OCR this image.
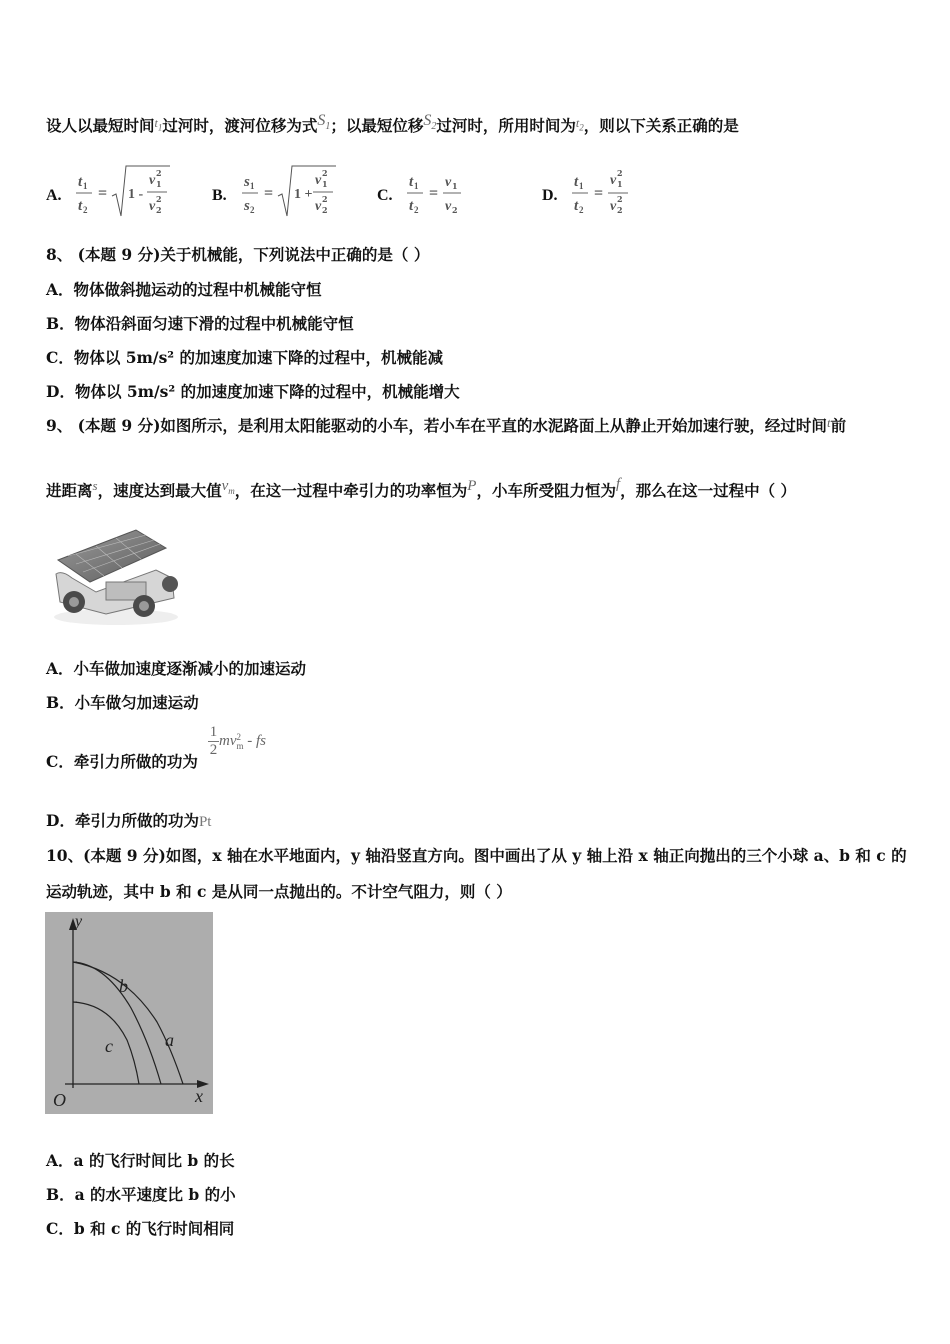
设人以最短时间$^{t_1}$过河时，渡河位移为式$S_1$；以最短位移$S_2$过河时，所用时间为$^{t_2}$，则以下关系正确的是
A.
t 1
t 2
= 1 -
v 2
1
v 2
2
B.
s 1
s 2
= 1 +
v 2
1
v 2
2
C.
t 1
t 2
=
v 1
v 2
D.
t 1
t 2
=
v 2
1
v 2
2
8、 (本题 9 分)关于机械能，下列说法中正确的是（ ）
A．物体做斜抛运动的过程中机械能守恒
B．物体沿斜面匀速下滑的过程中机械能守恒
C．物体以 5m/s² 的加速度加速下降的过程中，机械能减
D．物体以 5m/s² 的加速度加速下降的过程中，机械能增大
9、 (本题 9 分)如图所示，是利用太阳能驱动的小车，若小车在平直的水泥路面上从静止开始加速行驶，经过时间$^t$前
进距离$^s$，速度达到最大值$v_m$，在这一过程中牵引力的功率恒为P，小车所受阻力恒为f，那么在这一过程中（ ）
A．小车做加速度逐渐减小的加速运动
B．小车做匀加速运动
C．牵引力所做的功为
$\frac{1}{2}$ mv 2
m - fs
D．牵引力所做的功为Pt
10、(本题 9 分)如图，x 轴在水平地面内，y 轴沿竖直方向。图中画出了从 y 轴上沿 x 轴正向抛出的三个小球 a、b 和 c 的
运动轨迹，其中 b 和 c 是从同一点抛出的。不计空气阻力，则（ ）
y
x
O
b
a
c
A．a 的飞行时间比 b 的长
B．a 的水平速度比 b 的小
C．b 和 c 的飞行时间相同
